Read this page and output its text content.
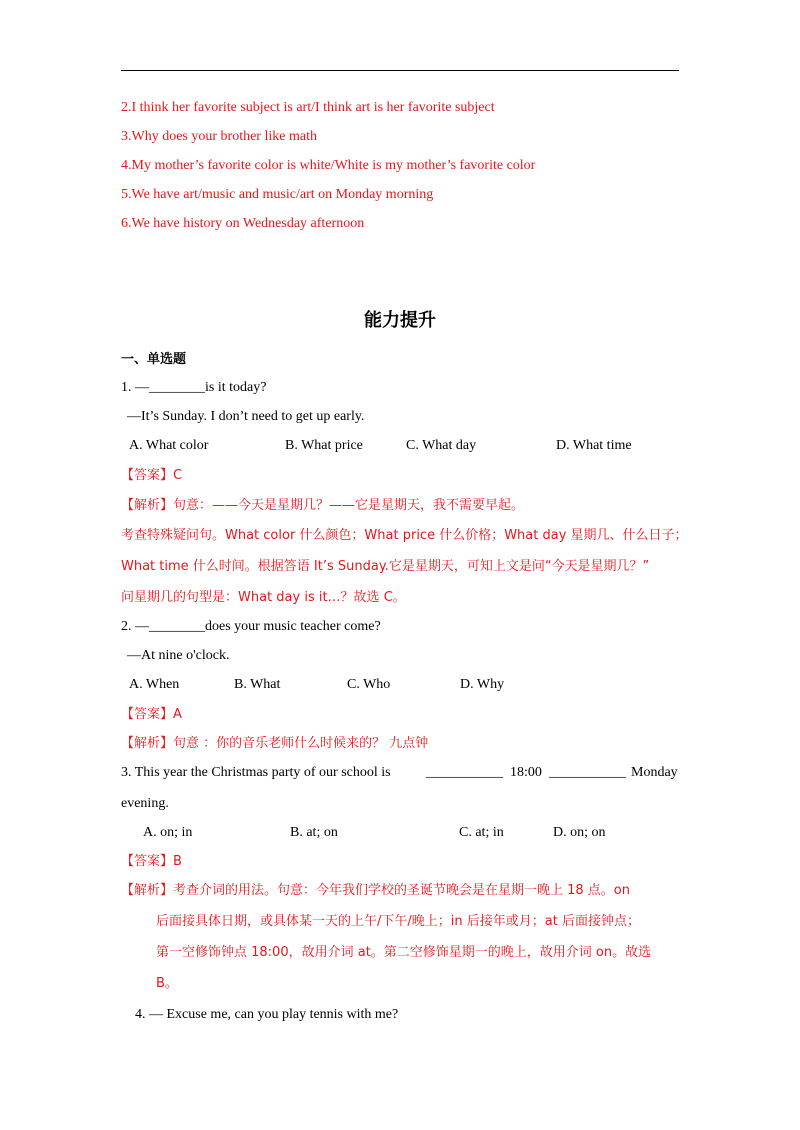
2.I think her favorite subject is art/I think art is her favorite subject
3.Why does your brother like math
4.My mother’s favorite color is white/White is my mother’s favorite color
5.We have art/music and music/art on Monday morning
6.We have history on Wednesday afternoon
能力提升
一、单选题
1. —________is it today?
—It’s Sunday. I don’t need to get up early.
A. What color	B. What price	C. What day	D. What time
【答案】C
【解析】句意：——今天是星期几？——它是星期天，我不需要早起。
考查特殊疑问句。What color 什么颜色；What price 什么价格；What day 星期几、什么日子；
What time 什么时间。根据答语 It’s Sunday.它是星期天，可知上文是问“今天是星期几？”
问星期几的句型是：What day is it…？故选 C。
2. —________does your music teacher come?
—At nine o'clock.
A. When	B. What	C. Who	D. Why
【答案】A
【解析】句意 ：你的音乐老师什么时候来的？ 九点钟
3. This year the Christmas party of our school is	___________ 18:00 ___________ Monday
evening.
A. on; in	B. at; on	C. at; in	D. on; on
【答案】B
【解析】考查介词的用法。句意：今年我们学校的圣诞节晚会是在星期一晚上 18 点。on
后面接具体日期，或具体某一天的上午/下午/晚上；in 后接年或月；at 后面接钟点；
第一空修饰钟点 18:00，故用介词 at。第二空修饰星期一的晚上，故用介词 on。故选
B。
4. — Excuse me, can you play tennis with me?
